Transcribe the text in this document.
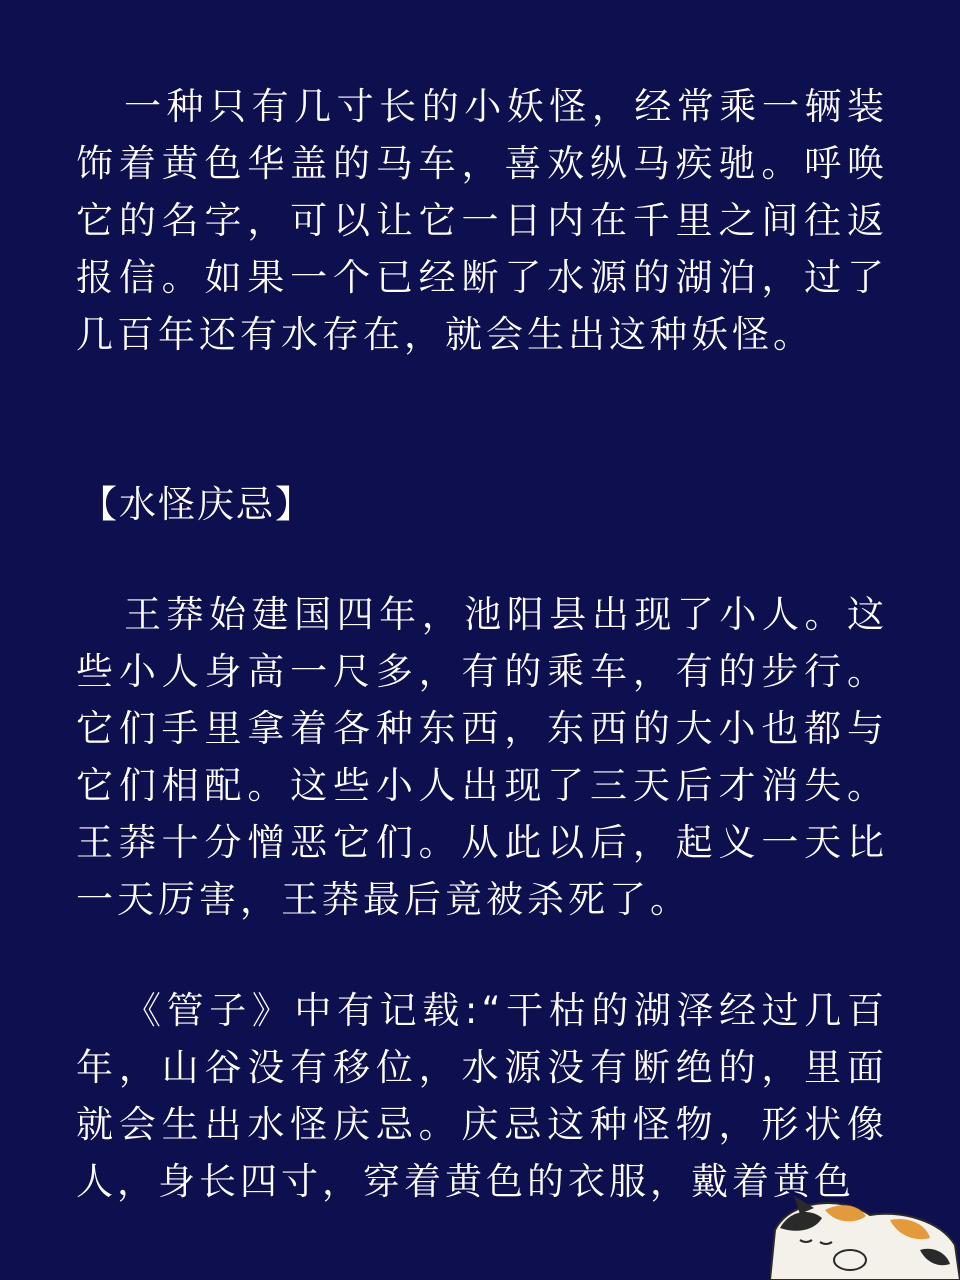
一种只有几寸长的小妖怪，经常乘一辆装饰着黄色华盖的马车，喜欢纵马疾驰。呼唤它的名字，可以让它一日内在千里之间往返报信。如果一个已经断了水源的湖泊，过了几百年还有水存在，就会生出这种妖怪。

【水怪庆忌】

王莽始建国四年，池阳县出现了小人。这些小人身高一尺多，有的乘车，有的步行。它们手里拿着各种东西，东西的大小也都与它们相配。这些小人出现了三天后才消失。王莽十分憎恶它们。从此以后，起义一天比一天厉害，王莽最后竟被杀死了。

《管子》中有记载:“干枯的湖泽经过几百年，山谷没有移位，水源没有断绝的，里面就会生出水怪庆忌。庆忌这种怪物，形状像人，身长四寸，穿着黄色的衣服，戴着黄色
